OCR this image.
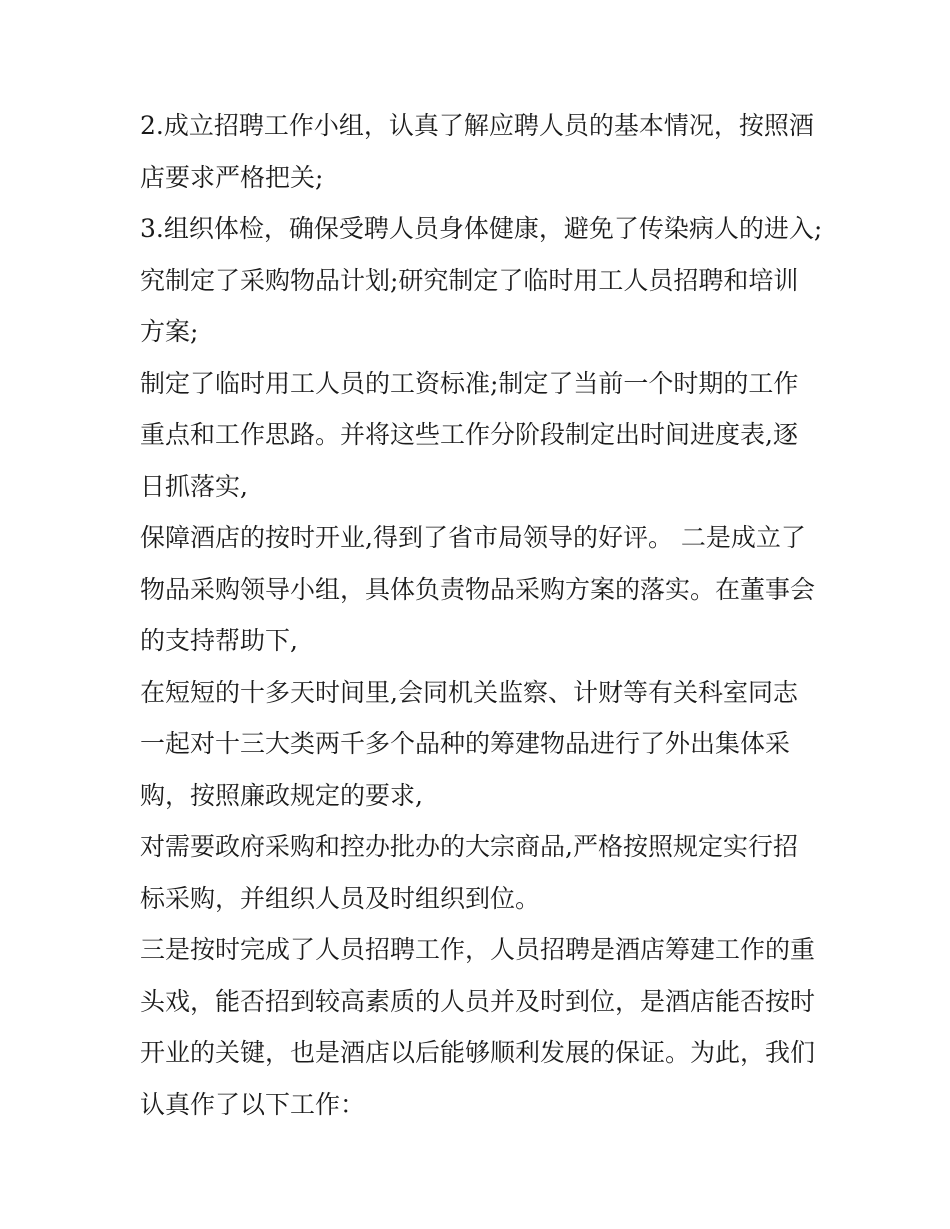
2.成立招聘工作小组，认真了解应聘人员的基本情况，按照酒

店要求严格把关;

3.组织体检，确保受聘人员身体健康，避免了传染病人的进入;

究制定了采购物品计划;研究制定了临时用工人员招聘和培训

方案;

制定了临时用工人员的工资标准;制定了当前一个时期的工作

重点和工作思路。并将这些工作分阶段制定出时间进度表,逐

日抓落实,

保障酒店的按时开业,得到了省市局领导的好评。 二是成立了

物品采购领导小组，具体负责物品采购方案的落实。在董事会

的支持帮助下,

在短短的十多天时间里,会同机关监察、计财等有关科室同志

一起对十三大类两千多个品种的筹建物品进行了外出集体采

购，按照廉政规定的要求,

对需要政府采购和控办批办的大宗商品,严格按照规定实行招

标采购，并组织人员及时组织到位。

三是按时完成了人员招聘工作，人员招聘是酒店筹建工作的重

头戏，能否招到较高素质的人员并及时到位，是酒店能否按时

开业的关键，也是酒店以后能够顺利发展的保证。为此，我们

认真作了以下工作：
